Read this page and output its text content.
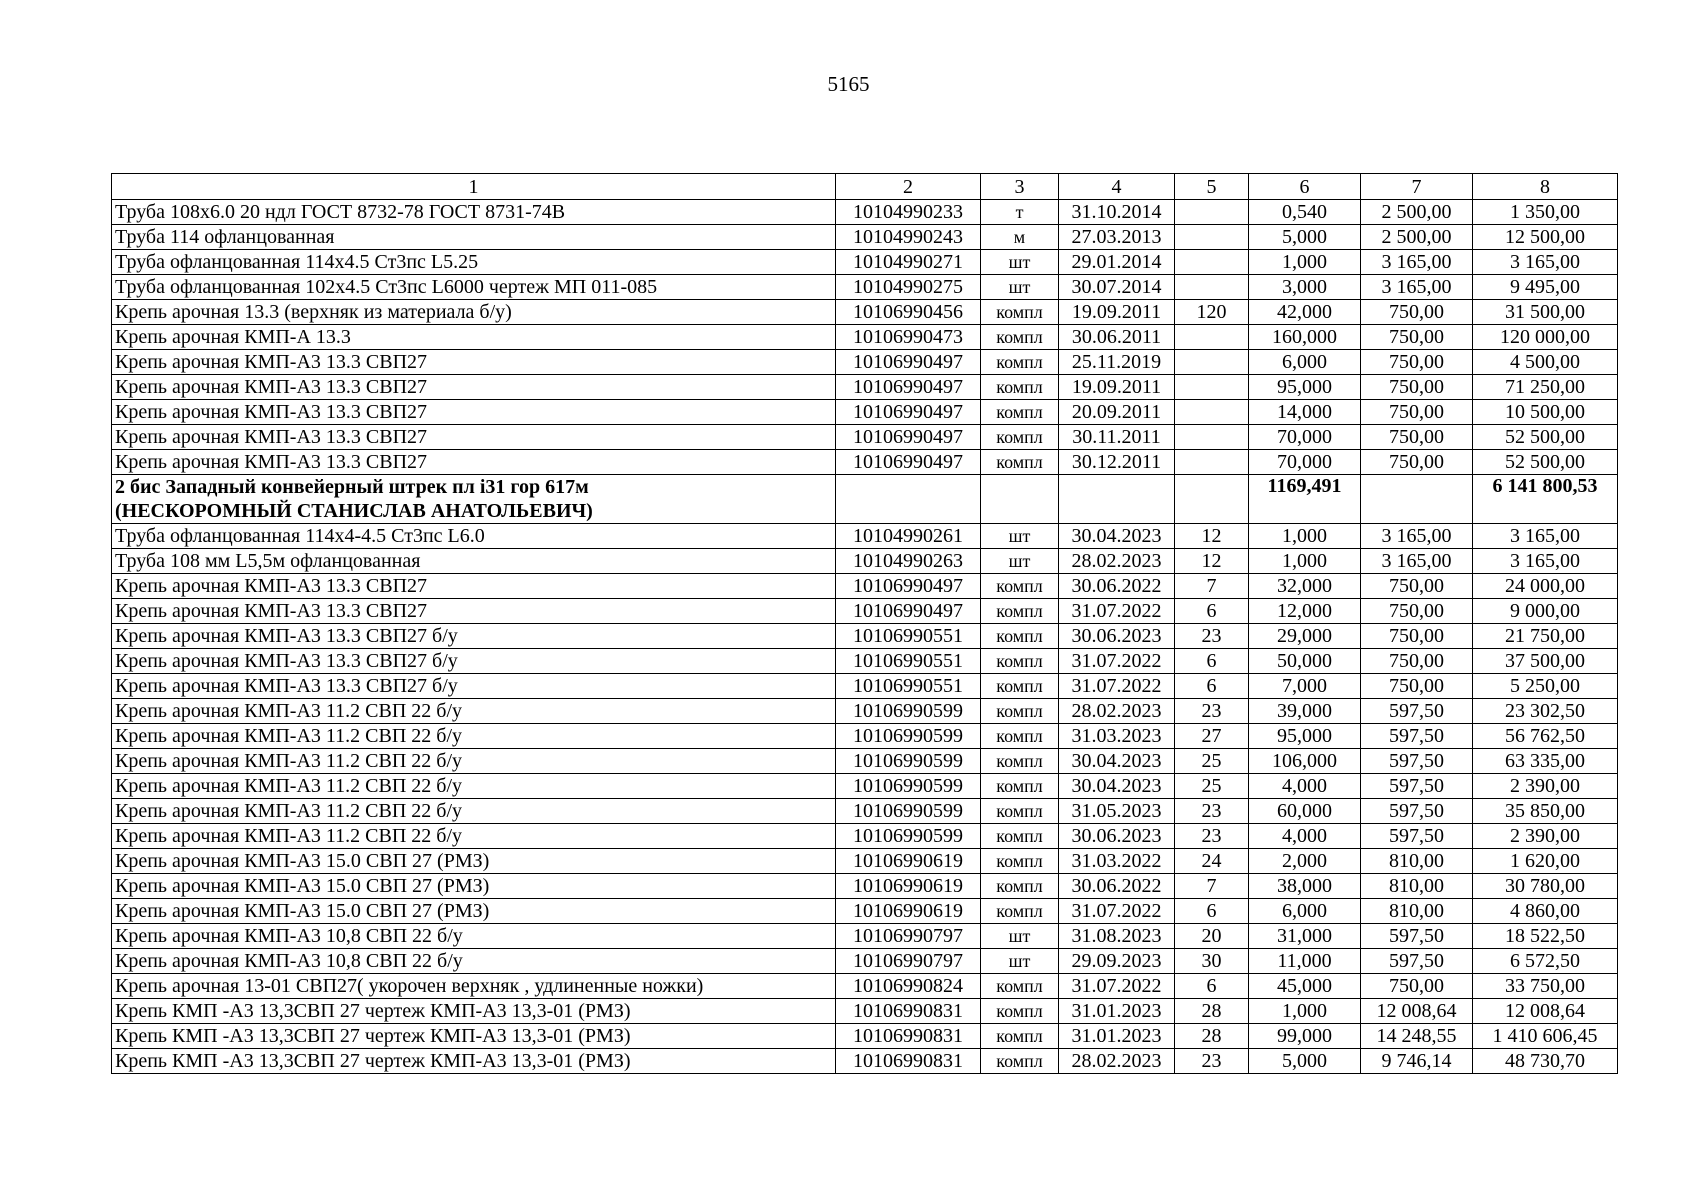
5165
1	2	3	4	5	6	7	8
Труба 108х6.0 20 ндл ГОСТ 8732-78 ГОСТ 8731-74В	10104990233	т	31.10.2014		0,540	2 500,00	1 350,00
Труба 114 офланцованная	10104990243	м	27.03.2013		5,000	2 500,00	12 500,00
Труба офланцованная 114х4.5 Ст3пс L5.25	10104990271	шт	29.01.2014		1,000	3 165,00	3 165,00
Труба офланцованная 102х4.5 Ст3пс L6000 чертеж МП 011-085	10104990275	шт	30.07.2014		3,000	3 165,00	9 495,00
Крепь арочная 13.3 (верхняк из материала б/у)	10106990456	компл	19.09.2011	120	42,000	750,00	31 500,00
Крепь арочная КМП-А 13.3	10106990473	компл	30.06.2011		160,000	750,00	120 000,00
Крепь арочная КМП-А3 13.3 СВП27	10106990497	компл	25.11.2019		6,000	750,00	4 500,00
Крепь арочная КМП-А3 13.3 СВП27	10106990497	компл	19.09.2011		95,000	750,00	71 250,00
Крепь арочная КМП-А3 13.3 СВП27	10106990497	компл	20.09.2011		14,000	750,00	10 500,00
Крепь арочная КМП-А3 13.3 СВП27	10106990497	компл	30.11.2011		70,000	750,00	52 500,00
Крепь арочная КМП-А3 13.3 СВП27	10106990497	компл	30.12.2011		70,000	750,00	52 500,00
2 бис Западный конвейерный штрек пл i31 гор 617м
(НЕСКОРОМНЫЙ СТАНИСЛАВ АНАТОЛЬЕВИЧ)					1169,491		6 141 800,53
Труба офланцованная 114х4-4.5 Ст3пс L6.0	10104990261	шт	30.04.2023	12	1,000	3 165,00	3 165,00
Труба 108 мм L5,5м офланцованная	10104990263	шт	28.02.2023	12	1,000	3 165,00	3 165,00
Крепь арочная КМП-А3 13.3 СВП27	10106990497	компл	30.06.2022	7	32,000	750,00	24 000,00
Крепь арочная КМП-А3 13.3 СВП27	10106990497	компл	31.07.2022	6	12,000	750,00	9 000,00
Крепь арочная КМП-А3 13.3 СВП27 б/у	10106990551	компл	30.06.2023	23	29,000	750,00	21 750,00
Крепь арочная КМП-А3 13.3 СВП27 б/у	10106990551	компл	31.07.2022	6	50,000	750,00	37 500,00
Крепь арочная КМП-А3 13.3 СВП27 б/у	10106990551	компл	31.07.2022	6	7,000	750,00	5 250,00
Крепь арочная КМП-А3 11.2 СВП 22 б/у	10106990599	компл	28.02.2023	23	39,000	597,50	23 302,50
Крепь арочная КМП-А3 11.2 СВП 22 б/у	10106990599	компл	31.03.2023	27	95,000	597,50	56 762,50
Крепь арочная КМП-А3 11.2 СВП 22 б/у	10106990599	компл	30.04.2023	25	106,000	597,50	63 335,00
Крепь арочная КМП-А3 11.2 СВП 22 б/у	10106990599	компл	30.04.2023	25	4,000	597,50	2 390,00
Крепь арочная КМП-А3 11.2 СВП 22 б/у	10106990599	компл	31.05.2023	23	60,000	597,50	35 850,00
Крепь арочная КМП-А3 11.2 СВП 22 б/у	10106990599	компл	30.06.2023	23	4,000	597,50	2 390,00
Крепь арочная КМП-А3 15.0 СВП 27 (РМЗ)	10106990619	компл	31.03.2022	24	2,000	810,00	1 620,00
Крепь арочная КМП-А3 15.0 СВП 27 (РМЗ)	10106990619	компл	30.06.2022	7	38,000	810,00	30 780,00
Крепь арочная КМП-А3 15.0 СВП 27 (РМЗ)	10106990619	компл	31.07.2022	6	6,000	810,00	4 860,00
Крепь арочная КМП-А3 10,8 СВП 22 б/у	10106990797	шт	31.08.2023	20	31,000	597,50	18 522,50
Крепь арочная КМП-А3 10,8 СВП 22 б/у	10106990797	шт	29.09.2023	30	11,000	597,50	6 572,50
Крепь арочная 13-01 СВП27( укорочен верхняк , удлиненные ножки)	10106990824	компл	31.07.2022	6	45,000	750,00	33 750,00
Крепь КМП -А3 13,3СВП 27 чертеж КМП-А3 13,3-01 (РМЗ)	10106990831	компл	31.01.2023	28	1,000	12 008,64	12 008,64
Крепь КМП -А3 13,3СВП 27 чертеж КМП-А3 13,3-01 (РМЗ)	10106990831	компл	31.01.2023	28	99,000	14 248,55	1 410 606,45
Крепь КМП -А3 13,3СВП 27 чертеж КМП-А3 13,3-01 (РМЗ)	10106990831	компл	28.02.2023	23	5,000	9 746,14	48 730,70
